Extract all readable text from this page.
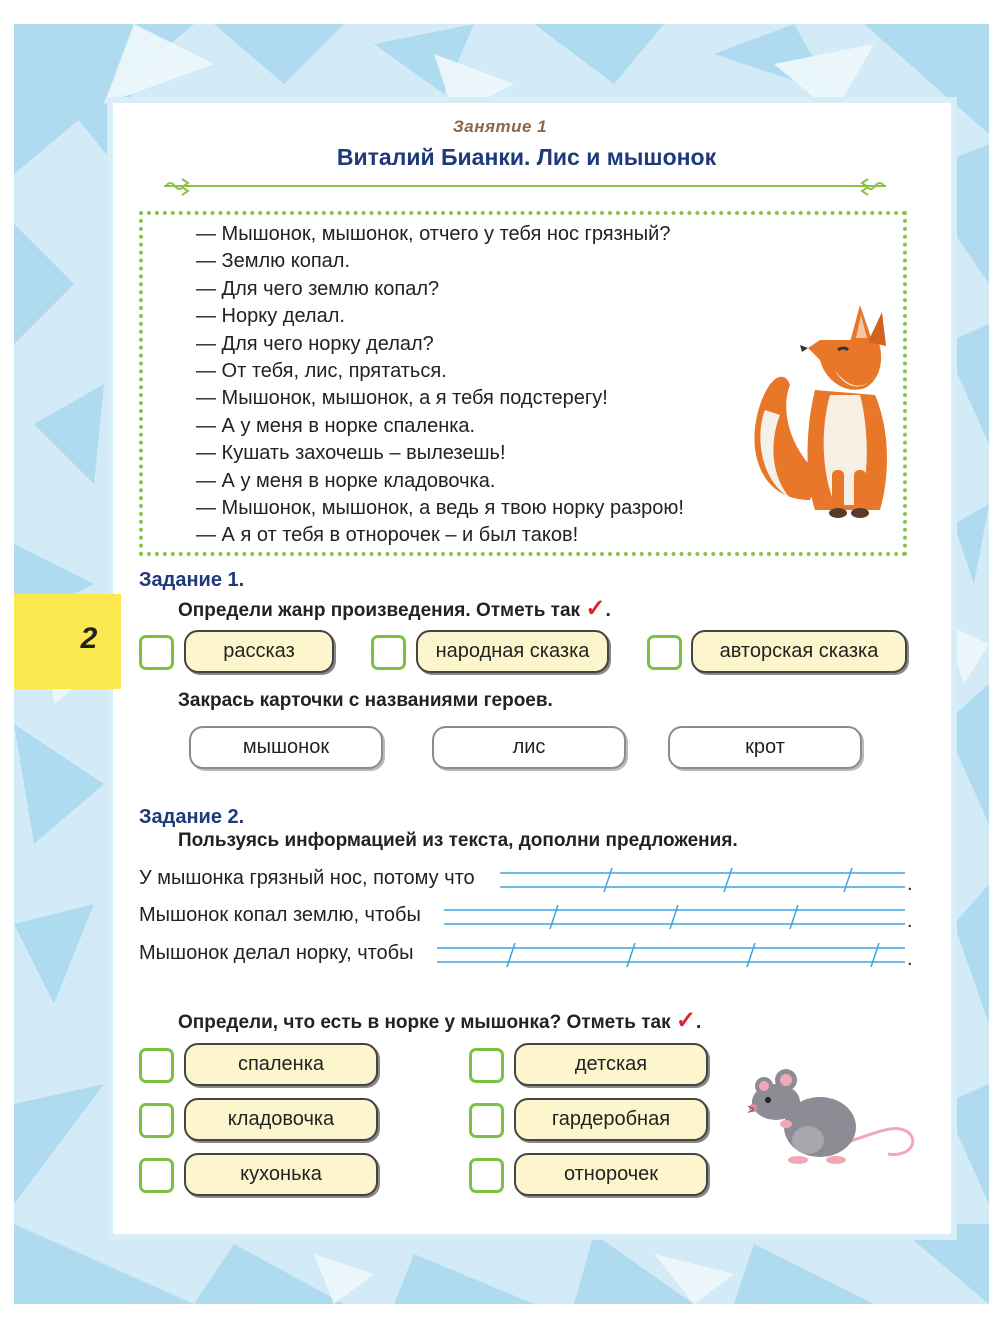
Занятие 1
Виталий Бианки. Лис и мышонок
— Мышонок, мышонок, отчего у тебя нос грязный?
— Землю копал.
— Для чего землю копал?
— Норку делал.
— Для чего норку делал?
— От тебя, лис, прятаться.
— Мышонок, мышонок, а я тебя подстерегу!
— А у меня в норке спаленка.
— Кушать захочешь – вылезешь!
— А у меня в норке кладовочка.
— Мышонок, мышонок, а ведь я твою норку разрою!
— А я от тебя в отнорочек – и был таков!
Задание 1.
Определи жанр произведения. Отметь так ✓.
2	рассказ	народная сказка	авторская сказка
Закрась карточки с названиями героев.
мышонок	лис	крот
Задание 2.
Пользуясь информацией из текста, дополни предложения.
У мышонка грязный нос, потому что	.
Мышонок копал землю, чтобы	.
Мышонок делал норку, чтобы	.
Определи, что есть в норке у мышонка? Отметь так ✓.
спаленка
кладовочка
кухонька
детская
гардеробная
отнорочек
